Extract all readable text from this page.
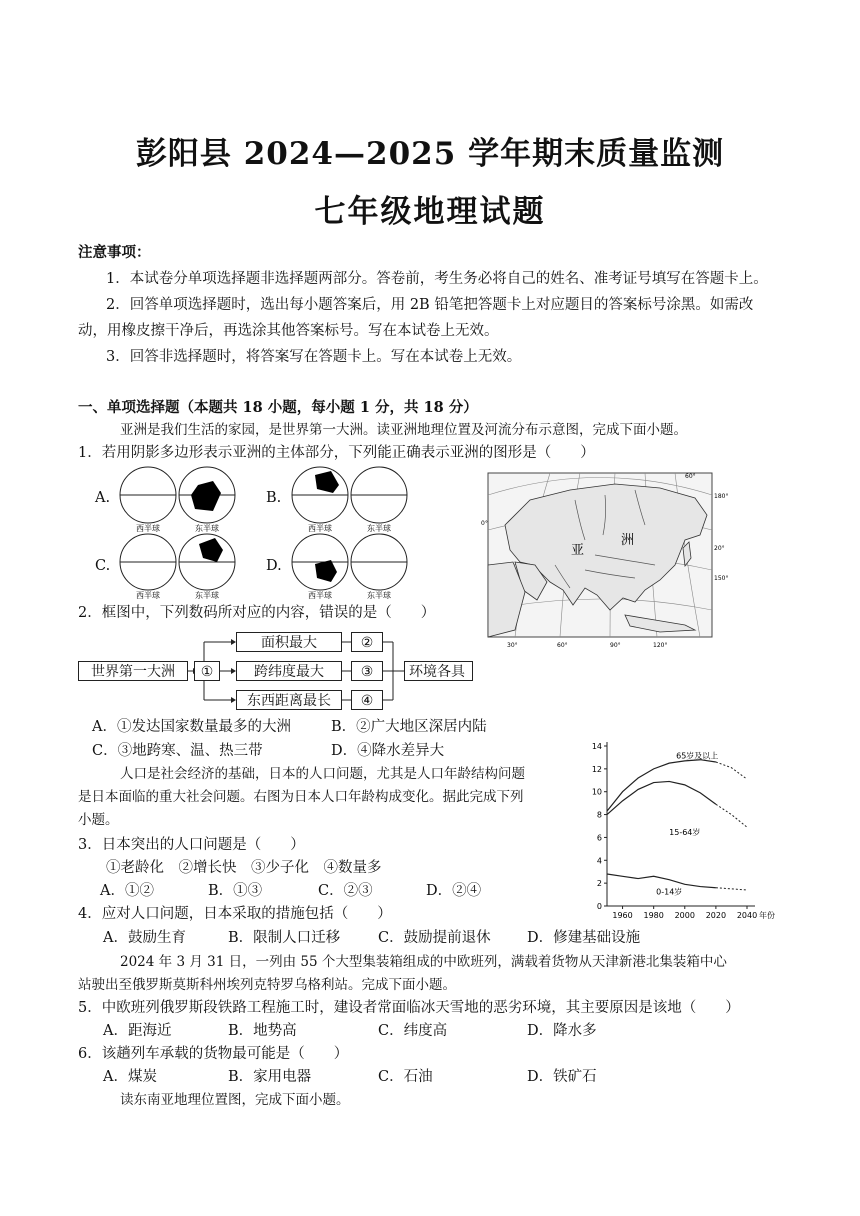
彭阳县 2024—2025 学年期末质量监测
七年级地理试题
注意事项：
1．本试卷分单项选择题非选择题两部分。答卷前，考生务必将自己的姓名、准考证号填写在答题卡上。
2．回答单项选择题时，选出每小题答案后，用 2B 铅笔把答题卡上对应题目的答案标号涂黑。如需改
动，用橡皮擦干净后，再选涂其他答案标号。写在本试卷上无效。
3．回答非选择题时，将答案写在答题卡上。写在本试卷上无效。
一、单项选择题（本题共 18 小题，每小题 1 分，共 18 分）
亚洲是我们生活的家园，是世界第一大洲。读亚洲地理位置及河流分布示意图，完成下面小题。
1．若用阴影多边形表示亚洲的主体部分，下列能正确表示亚洲的图形是（　　）
A.	B.
C.	D.
西半球	东半球	西半球	东半球
西半球	东半球	西半球	东半球
亚
洲
60°
0°
20°
180°
150°
30°	60°	90°	120°
2．框图中，下列数码所对应的内容，错误的是（　　）
世界第一大洲	①
面积最大
跨纬度最大
东西距离最长
②
③
④
环境各具
A．①发达国家数量最多的大洲	B．②广大地区深居内陆
C．③地跨寒、温、热三带	D．④降水差异大
人口是社会经济的基础，日本的人口问题，尤其是人口年龄结构问题
是日本面临的重大社会问题。右图为日本人口年龄构成变化。据此完成下列
小题。
0
2
4
6
8
10
12
14
1960 1980 2000 2020 2040 年份
65岁及以上
15-64岁
0-14岁
3．日本突出的人口问题是（　　）
①老龄化　②增长快　③少子化　④数量多
A．①②	B．①③	C．②③	D．②④
4．应对人口问题，日本采取的措施包括（　　）
A．鼓励生育	B．限制人口迁移	C．鼓励提前退休	D．修建基础设施
2024 年 3 月 31 日，一列由 55 个大型集装箱组成的中欧班列，满载着货物从天津新港北集装箱中心
站驶出至俄罗斯莫斯科州埃列克特罗乌格利站。完成下面小题。
5．中欧班列俄罗斯段铁路工程施工时，建设者常面临冰天雪地的恶劣环境，其主要原因是该地（　　）
A．距海近	B．地势高	C．纬度高	D．降水多
6．该趟列车承载的货物最可能是（　　）
A．煤炭	B．家用电器	C．石油	D．铁矿石
读东南亚地理位置图，完成下面小题。
